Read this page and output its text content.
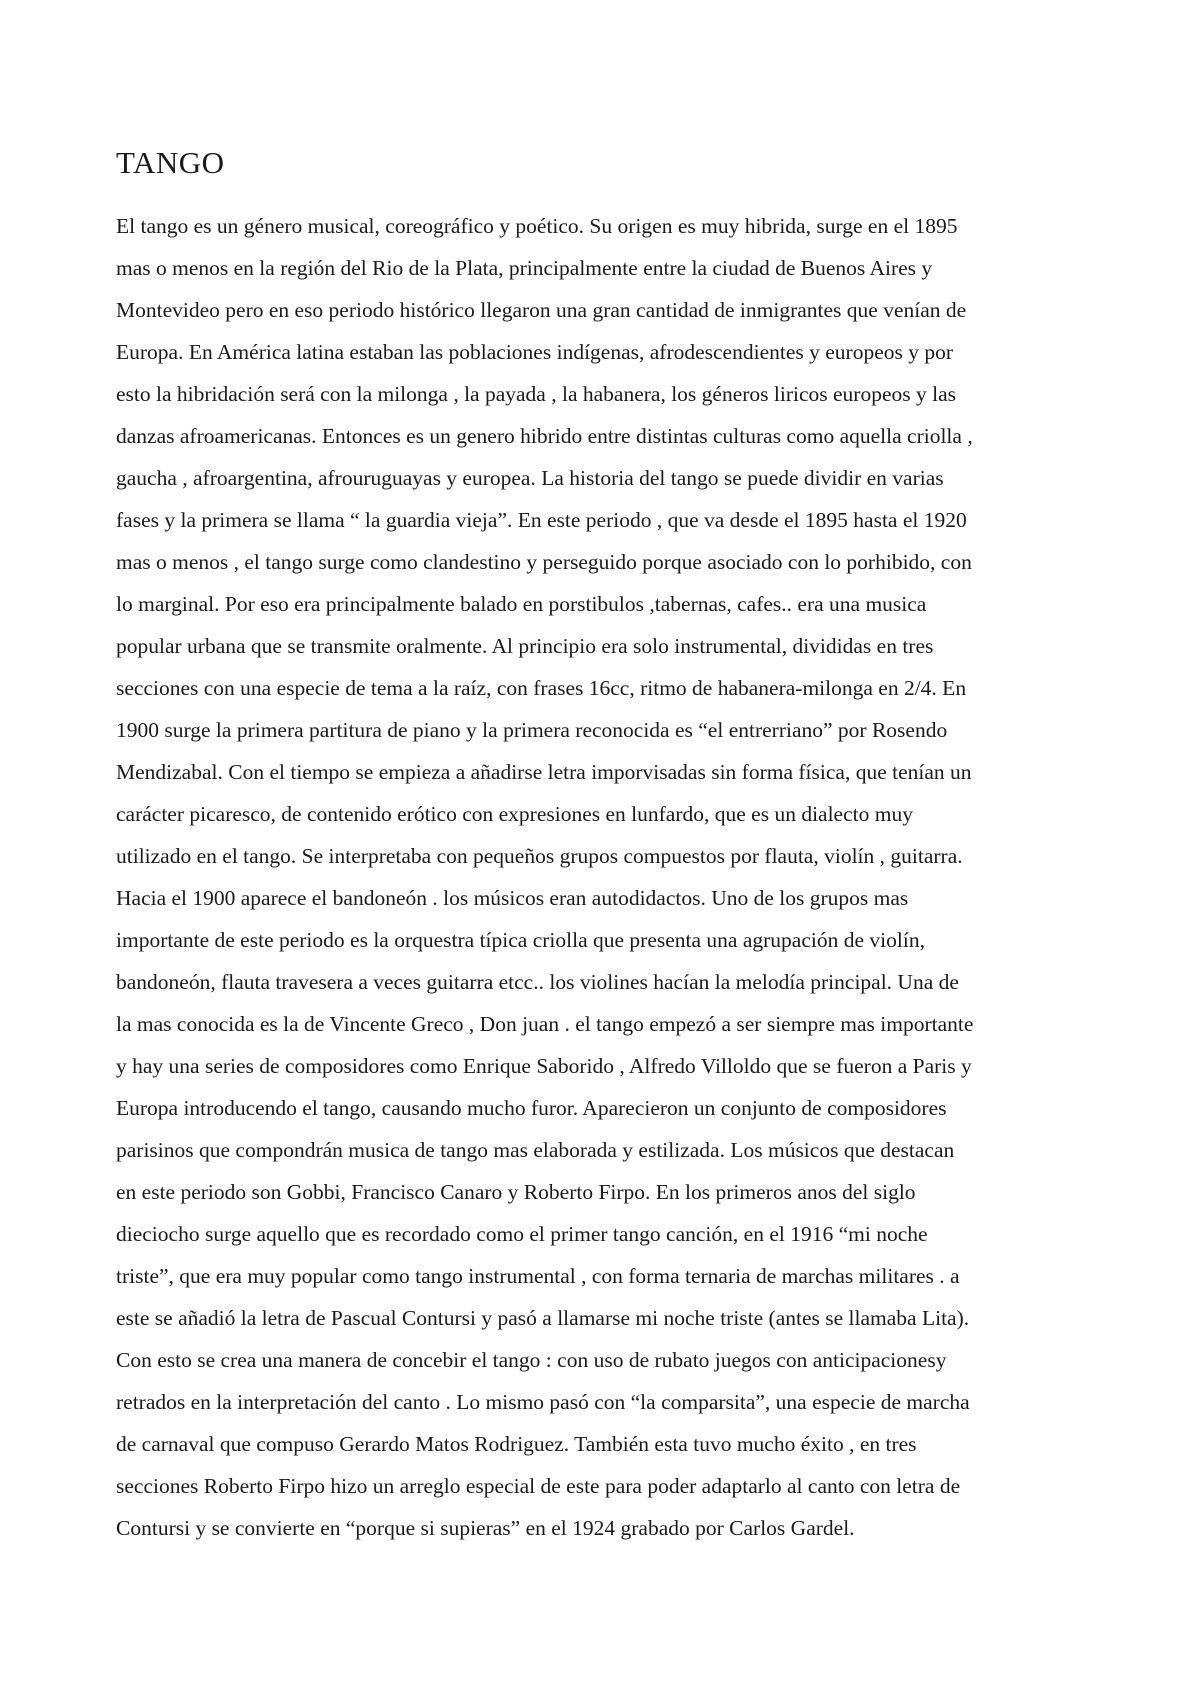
TANGO
El tango es un género musical, coreográfico y poético. Su origen es muy hibrida, surge en el 1895
mas o menos en la región del Rio de la Plata, principalmente entre la ciudad de Buenos Aires y
Montevideo pero en eso periodo histórico llegaron una gran cantidad de inmigrantes que venían de
Europa. En América latina estaban las poblaciones indígenas, afrodescendientes y europeos y por
esto la hibridación será con la milonga , la payada , la habanera, los géneros liricos europeos y las
danzas afroamericanas. Entonces es un genero hibrido entre distintas culturas como aquella criolla ,
gaucha , afroargentina, afrouruguayas y europea. La historia del tango se puede dividir en varias
fases y la primera se llama “ la guardia vieja”. En este periodo , que va desde el 1895 hasta el 1920
mas o menos , el tango surge como clandestino y perseguido porque asociado con lo porhibido, con
lo marginal. Por eso era principalmente balado en porstibulos ,tabernas, cafes.. era una musica
popular urbana que se transmite oralmente. Al principio era solo instrumental, divididas en tres
secciones con una especie de tema a la raíz, con frases 16cc, ritmo de habanera-milonga en 2/4. En
1900 surge la primera partitura de piano y la primera reconocida es “el entrerriano” por Rosendo
Mendizabal. Con el tiempo se empieza a añadirse letra imporvisadas sin forma física, que tenían un
carácter picaresco, de contenido erótico con expresiones en lunfardo, que es un dialecto muy
utilizado en el tango. Se interpretaba con pequeños grupos compuestos por flauta, violín , guitarra.
Hacia el 1900 aparece el bandoneón . los músicos eran autodidactos. Uno de los grupos mas
importante de este periodo es la orquestra típica criolla que presenta una agrupación de violín,
bandoneón, flauta travesera a veces guitarra etcc.. los violines hacían la melodía principal. Una de
la mas conocida es la de Vincente Greco , Don juan . el tango empezó a ser siempre mas importante
y hay una series de composidores como Enrique Saborido , Alfredo Villoldo que se fueron a Paris y
Europa introducendo el tango, causando mucho furor. Aparecieron un conjunto de composidores
parisinos que compondrán musica de tango mas elaborada y estilizada. Los músicos que destacan
en este periodo son Gobbi, Francisco Canaro y Roberto Firpo. En los primeros anos del siglo
dieciocho surge aquello que es recordado como el primer tango canción, en el 1916 “mi noche
triste”, que era muy popular como tango instrumental , con forma ternaria de marchas militares . a
este se añadió la letra de Pascual Contursi y pasó a llamarse mi noche triste (antes se llamaba Lita).
Con esto se crea una manera de concebir el tango : con uso de rubato juegos con anticipacionesy
retrados en la interpretación del canto . Lo mismo pasó con “la comparsita”, una especie de marcha
de carnaval que compuso Gerardo Matos Rodriguez. También esta tuvo mucho éxito , en tres
secciones Roberto Firpo hizo un arreglo especial de este para poder adaptarlo al canto con letra de
Contursi y se convierte en “porque si supieras” en el 1924 grabado por Carlos Gardel.
